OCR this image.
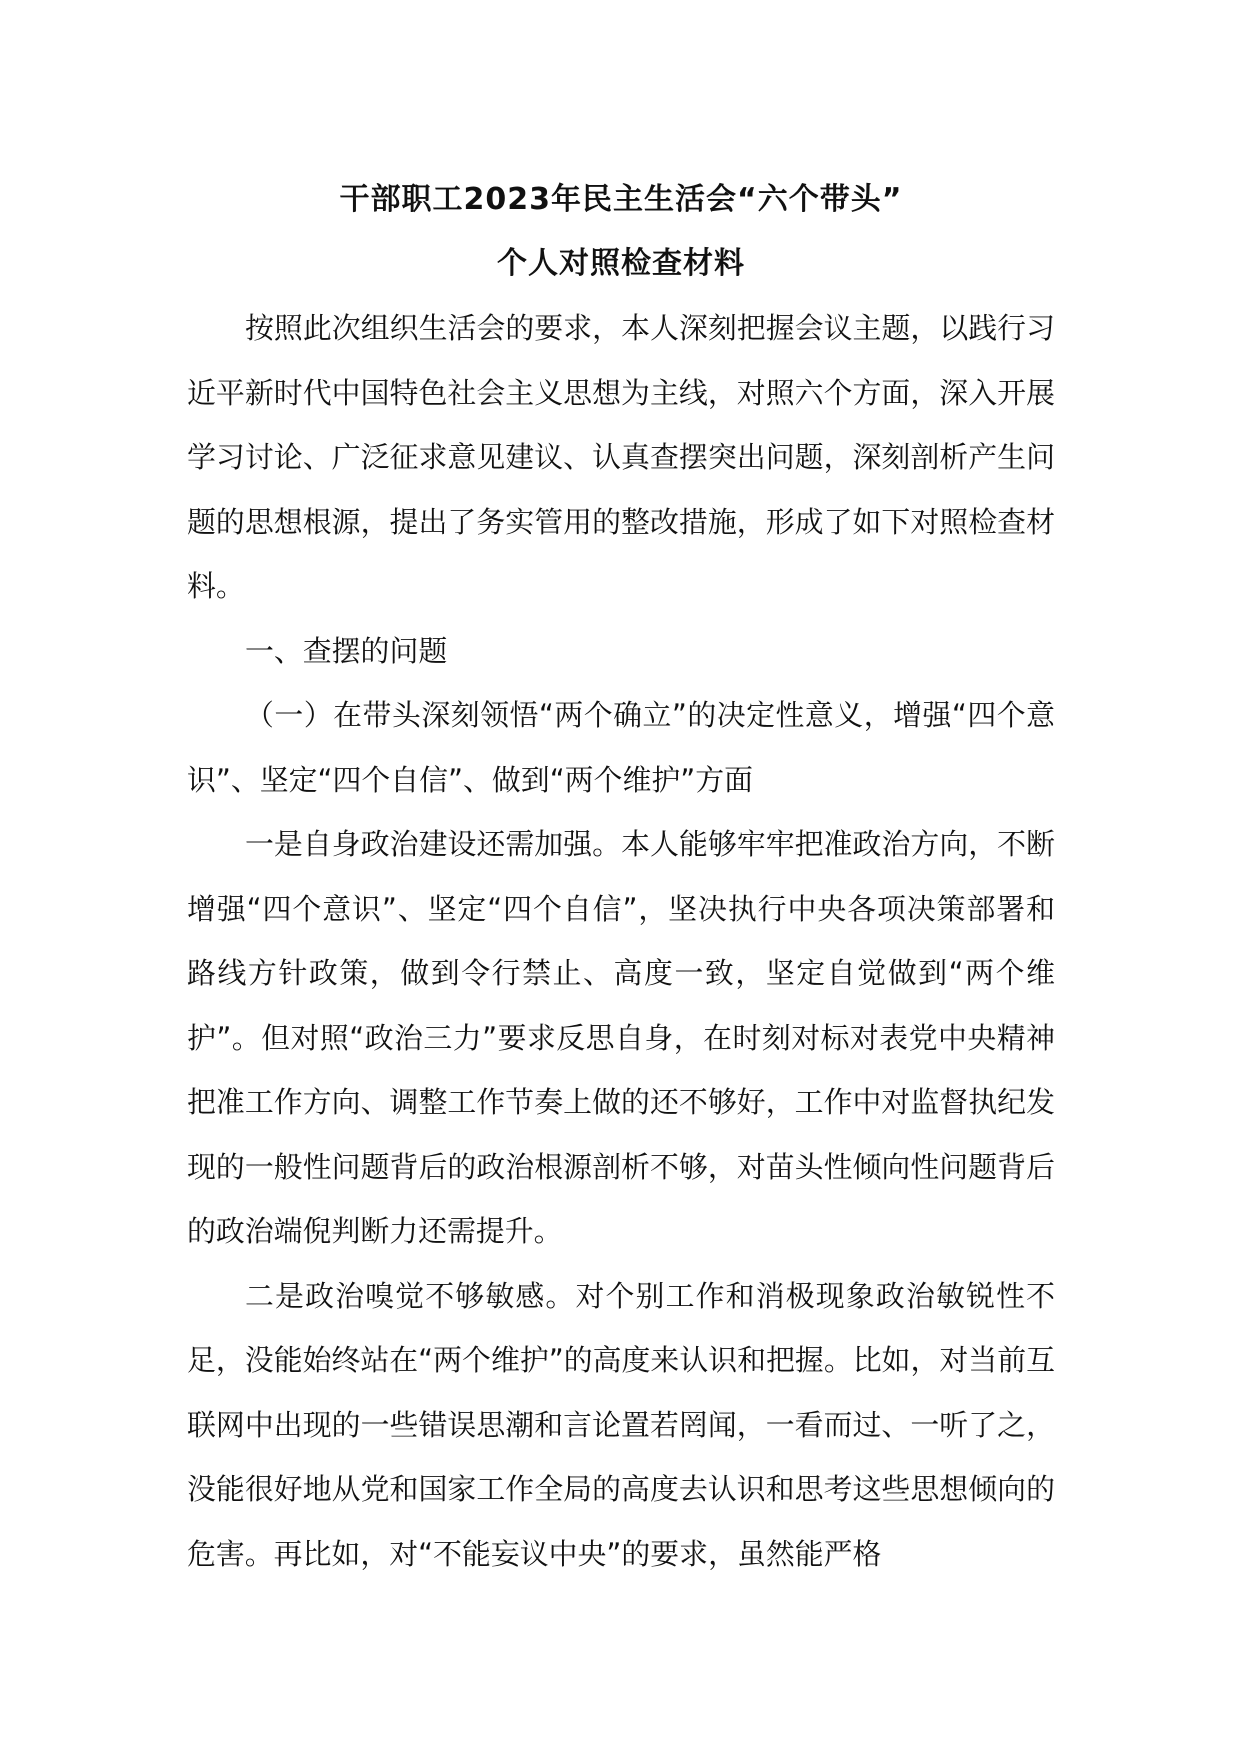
干部职工2023年民主生活会“六个带头”
个人对照检查材料

按照此次组织生活会的要求，本人深刻把握会议主题，以践行习近平新时代中国特色社会主义思想为主线，对照六个方面，深入开展学习讨论、广泛征求意见建议、认真查摆突出问题，深刻剖析产生问题的思想根源，提出了务实管用的整改措施，形成了如下对照检查材料。

一、查摆的问题

（一）在带头深刻领悟“两个确立”的决定性意义，增强“四个意识”、坚定“四个自信”、做到“两个维护”方面

一是自身政治建设还需加强。本人能够牢牢把准政治方向，不断增强“四个意识”、坚定“四个自信”，坚决执行中央各项决策部署和路线方针政策，做到令行禁止、高度一致，坚定自觉做到“两个维护”。但对照“政治三力”要求反思自身，在时刻对标对表党中央精神把准工作方向、调整工作节奏上做的还不够好，工作中对监督执纪发现的一般性问题背后的政治根源剖析不够，对苗头性倾向性问题背后的政治端倪判断力还需提升。

二是政治嗅觉不够敏感。对个别工作和消极现象政治敏锐性不足，没能始终站在“两个维护”的高度来认识和把握。比如，对当前互联网中出现的一些错误思潮和言论置若罔闻，一看而过、一听了之，没能很好地从党和国家工作全局的高度去认识和思考这些思想倾向的危害。再比如，对“不能妄议中央”的要求，虽然能严格
